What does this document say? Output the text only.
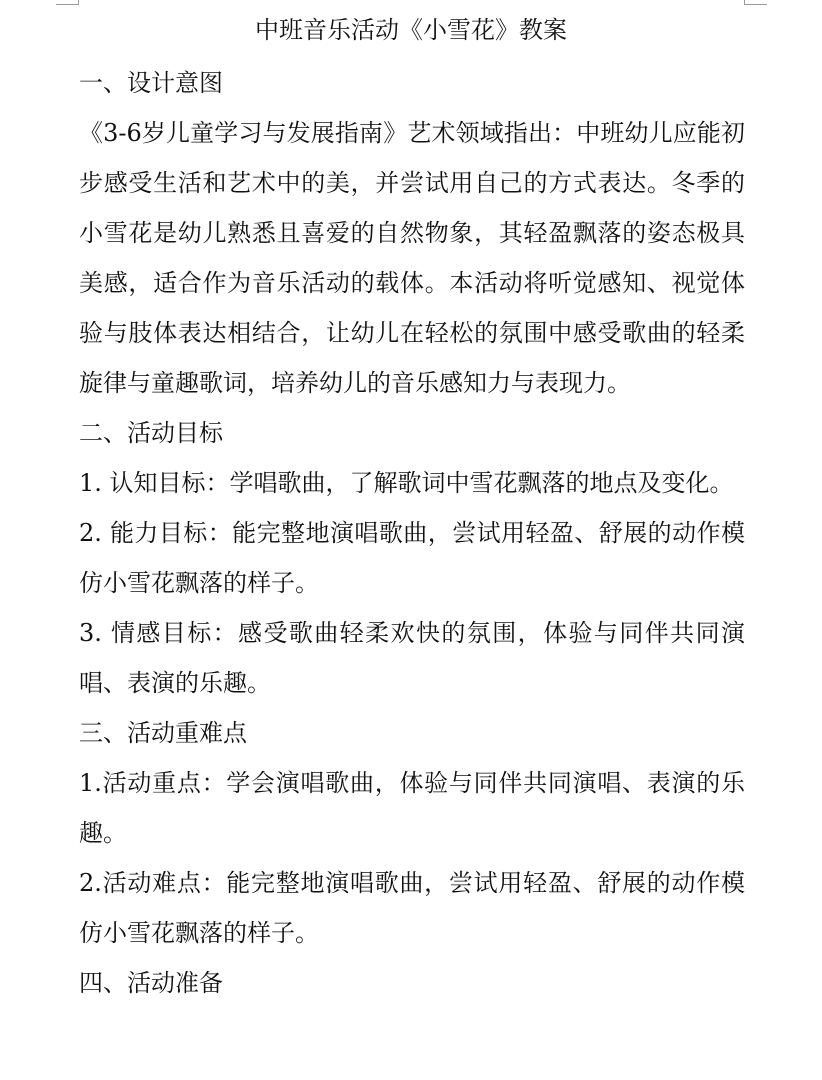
中班音乐活动《小雪花》教案

一、设计意图

《3-6岁儿童学习与发展指南》艺术领域指出：中班幼儿应能初步感受生活和艺术中的美，并尝试用自己的方式表达。冬季的小雪花是幼儿熟悉且喜爱的自然物象，其轻盈飘落的姿态极具美感，适合作为音乐活动的载体。本活动将听觉感知、视觉体验与肢体表达相结合，让幼儿在轻松的氛围中感受歌曲的轻柔旋律与童趣歌词，培养幼儿的音乐感知力与表现力。

二、活动目标

1. 认知目标：学唱歌曲，了解歌词中雪花飘落的地点及变化。

2. 能力目标：能完整地演唱歌曲，尝试用轻盈、舒展的动作模仿小雪花飘落的样子。

3. 情感目标：感受歌曲轻柔欢快的氛围，体验与同伴共同演唱、表演的乐趣。

三、活动重难点

1.活动重点：学会演唱歌曲，体验与同伴共同演唱、表演的乐趣。

2.活动难点：能完整地演唱歌曲，尝试用轻盈、舒展的动作模仿小雪花飘落的样子。

四、活动准备
